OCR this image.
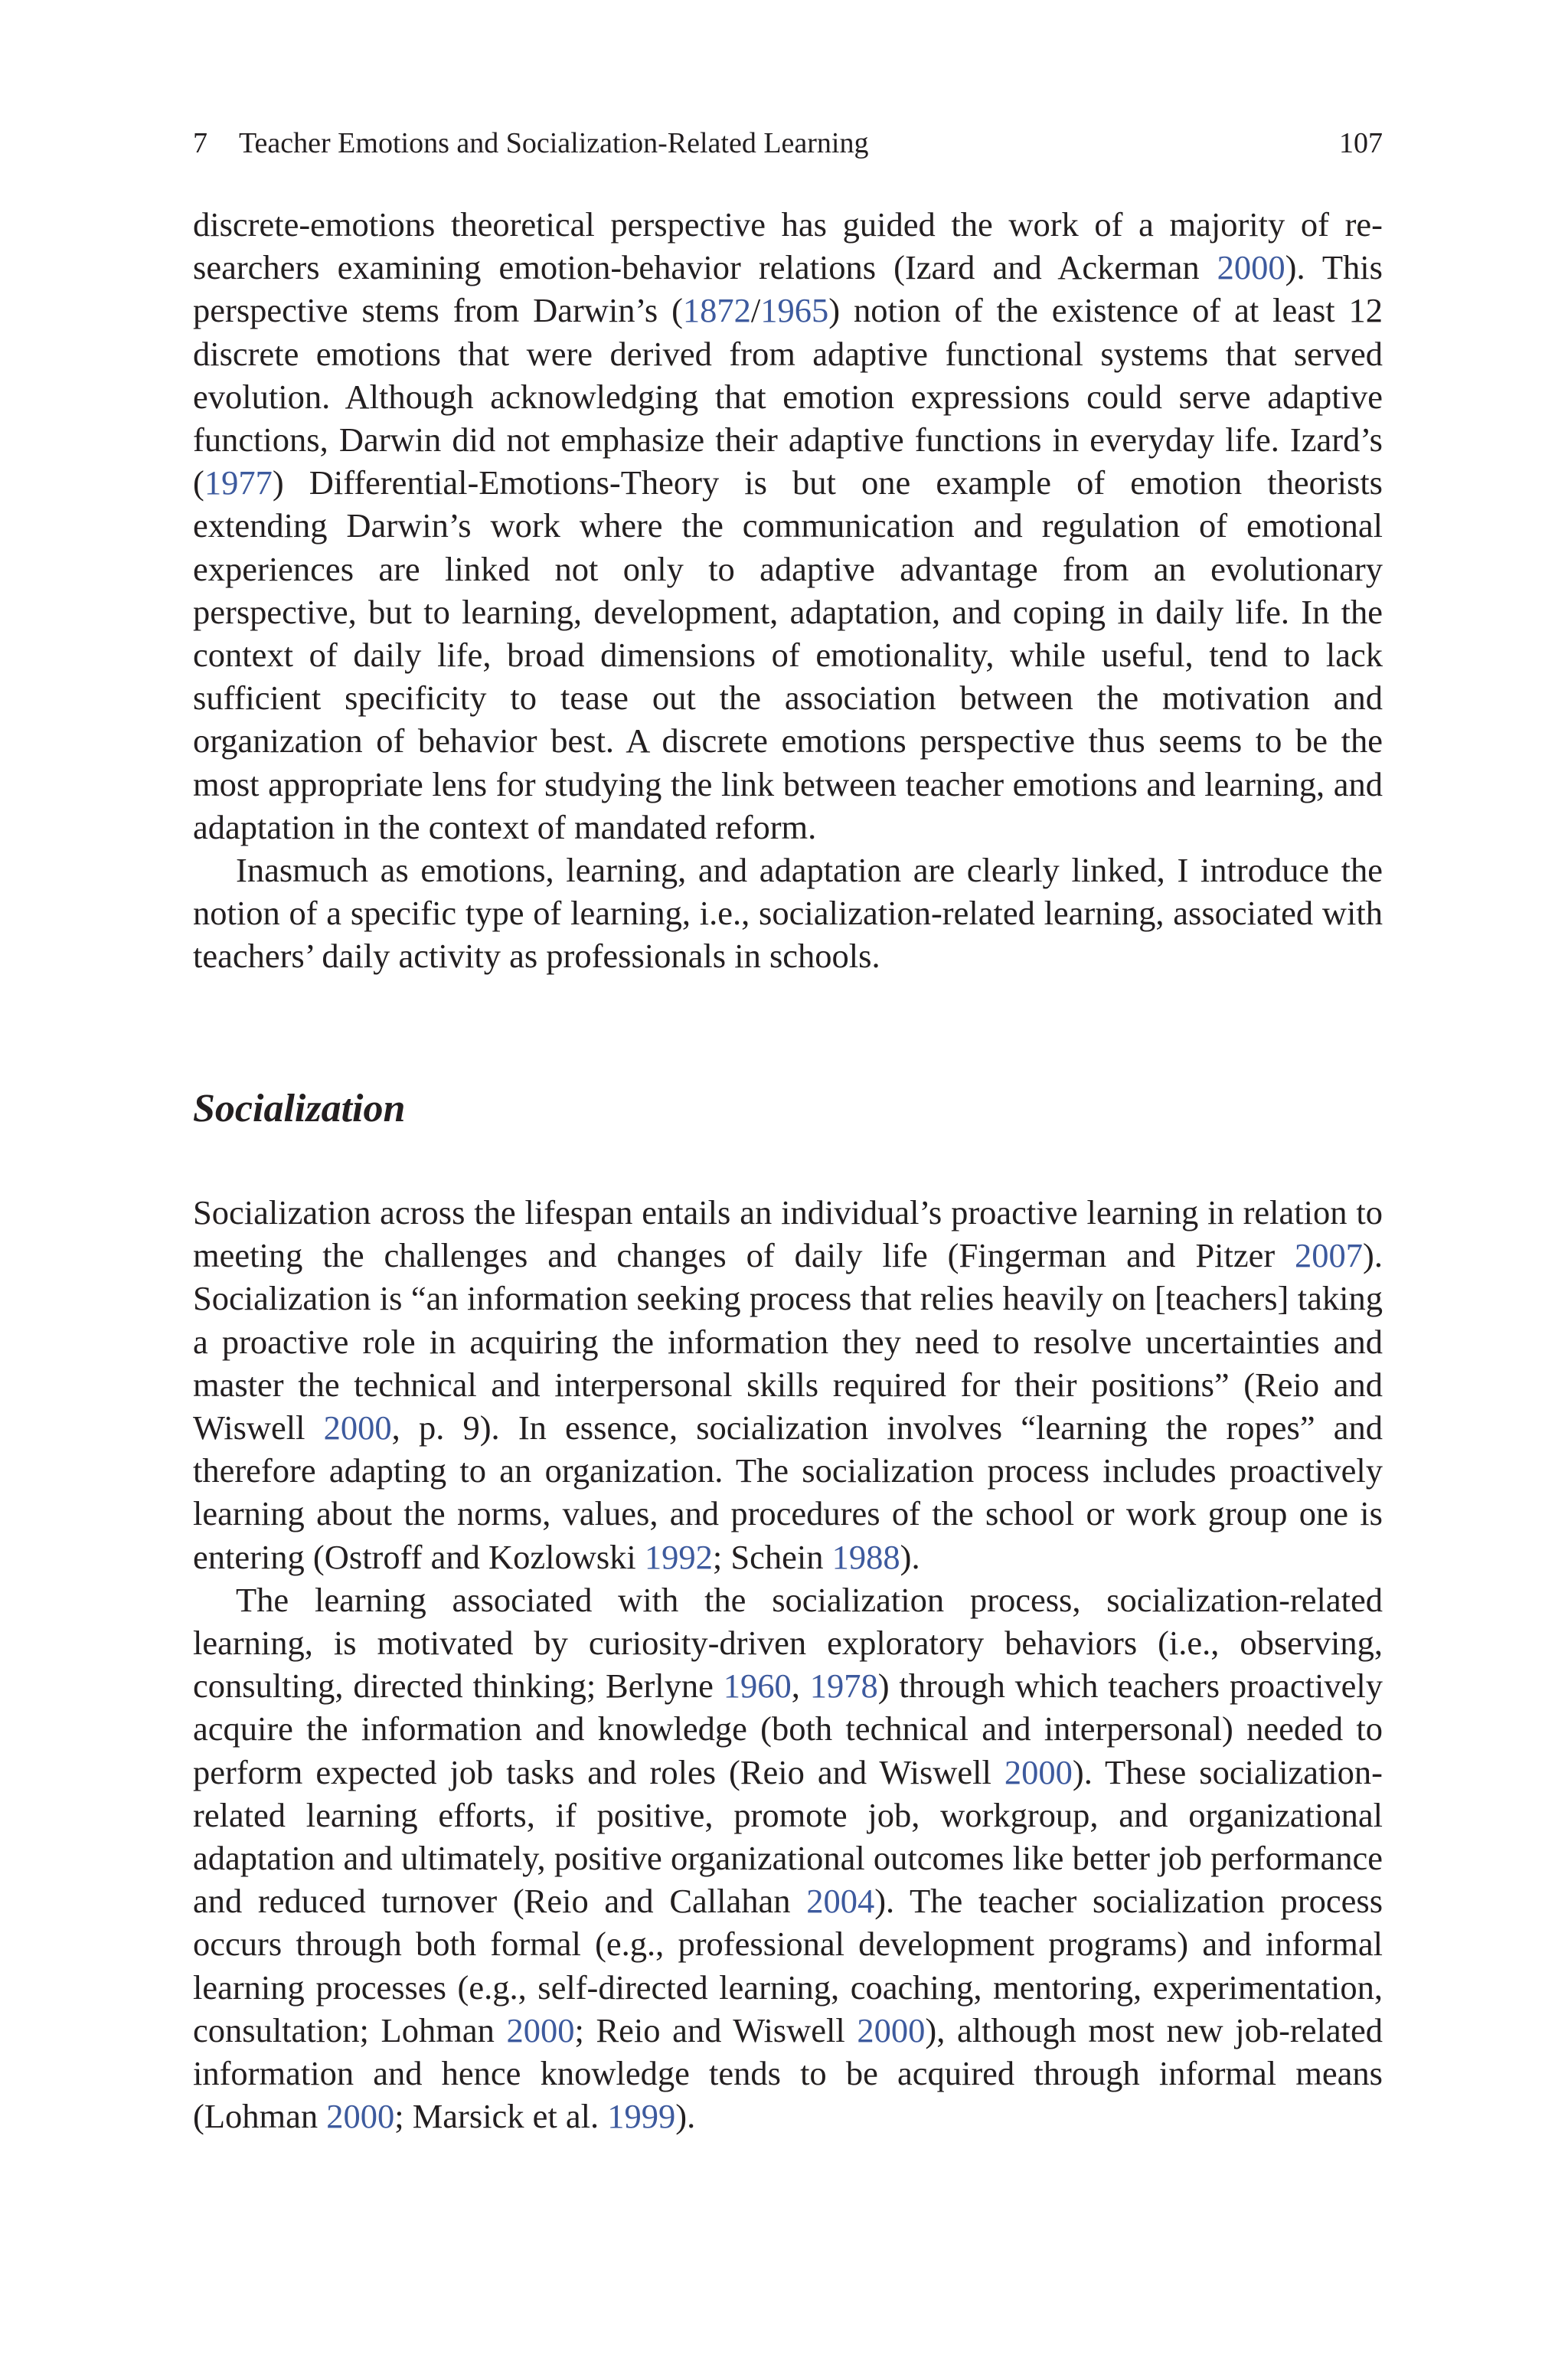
7 Teacher Emotions and Socialization-Related Learning	107

discrete-emotions theoretical perspective has guided the work of a majority of researchers examining emotion-behavior relations (Izard and Ackerman 2000). This perspective stems from Darwin’s (1872/1965) notion of the existence of at least 12 discrete emotions that were derived from adaptive functional systems that served evolution. Although acknowledging that emotion expressions could serve adaptive functions, Darwin did not emphasize their adaptive functions in everyday life. Izard’s (1977) Differential-Emotions-Theory is but one example of emotion theorists extending Darwin’s work where the communication and regulation of emotional experiences are linked not only to adaptive advantage from an evolutionary perspective, but to learning, development, adaptation, and coping in daily life. In the context of daily life, broad dimensions of emotionality, while useful, tend to lack sufficient specificity to tease out the association between the motivation and organization of behavior best. A discrete emotions perspective thus seems to be the most appropriate lens for studying the link between teacher emotions and learning, and adaptation in the context of mandated reform.

Inasmuch as emotions, learning, and adaptation are clearly linked, I introduce the notion of a specific type of learning, i.e., socialization-related learning, associated with teachers’ daily activity as professionals in schools.

Socialization

Socialization across the lifespan entails an individual’s proactive learning in relation to meeting the challenges and changes of daily life (Fingerman and Pitzer 2007). Socialization is “an information seeking process that relies heavily on [teachers] taking a proactive role in acquiring the information they need to resolve uncertainties and master the technical and interpersonal skills required for their positions” (Reio and Wiswell 2000, p. 9). In essence, socialization involves “learning the ropes” and therefore adapting to an organization. The socialization process includes proactively learning about the norms, values, and procedures of the school or work group one is entering (Ostroff and Kozlowski 1992; Schein 1988).

The learning associated with the socialization process, socialization-related learning, is motivated by curiosity-driven exploratory behaviors (i.e., observing, consulting, directed thinking; Berlyne 1960, 1978) through which teachers proactively acquire the information and knowledge (both technical and interpersonal) needed to perform expected job tasks and roles (Reio and Wiswell 2000). These socialization-related learning efforts, if positive, promote job, workgroup, and organizational adaptation and ultimately, positive organizational outcomes like better job performance and reduced turnover (Reio and Callahan 2004). The teacher socialization process occurs through both formal (e.g., professional development programs) and informal learning processes (e.g., self-directed learning, coaching, mentoring, experimentation, consultation; Lohman 2000; Reio and Wiswell 2000), although most new job-related information and hence knowledge tends to be acquired through informal means (Lohman 2000; Marsick et al. 1999).
